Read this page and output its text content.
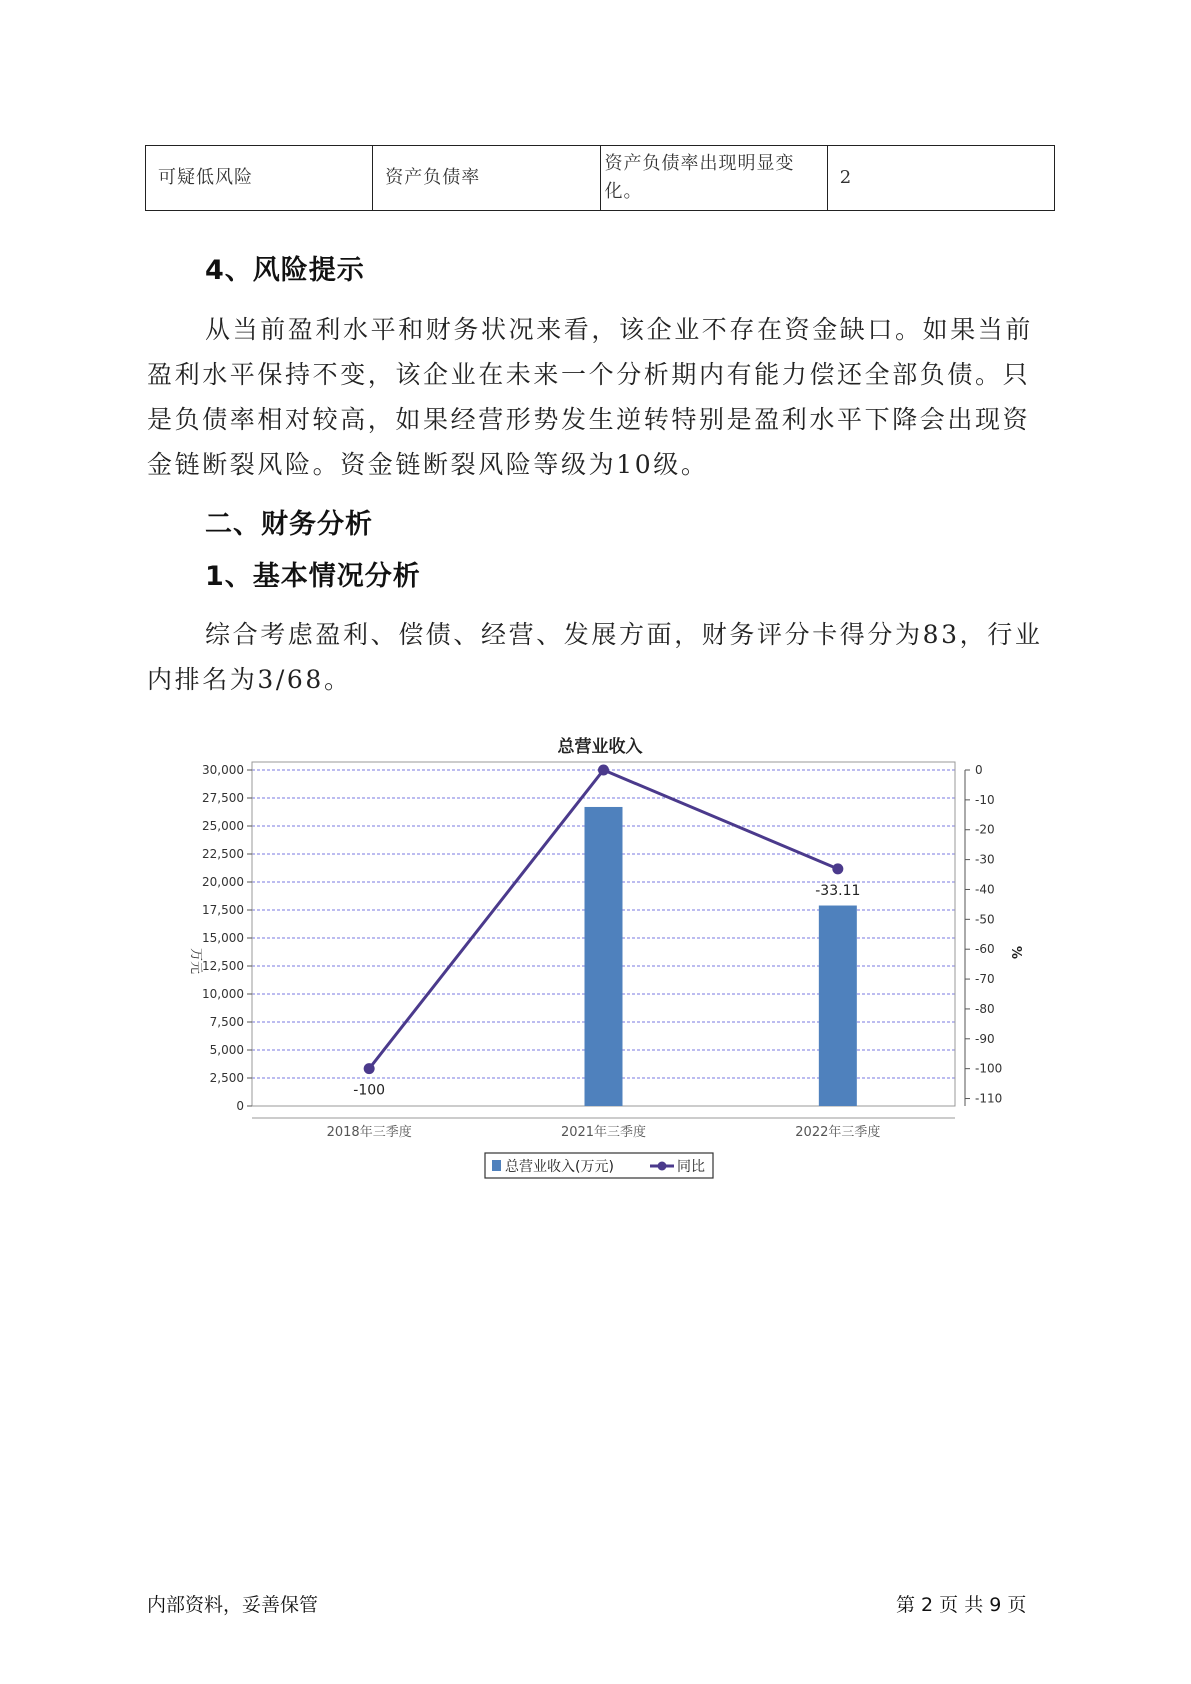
可疑低风险	资产负债率	资产负债率出现明显变化。	2
4、风险提示

从当前盈利水平和财务状况来看，该企业不存在资金缺口。如果当前盈利水平保持不变，该企业在未来一个分析期内有能力偿还全部负债。只是负债率相对较高，如果经营形势发生逆转特别是盈利水平下降会出现资金链断裂风险。资金链断裂风险等级为10级。

二、财务分析
1、基本情况分析

综合考虑盈利、偿债、经营、发展方面，财务评分卡得分为83，行业内排名为3/68。

总营业收入
-100
-33.11
0
2,500
5,000
7,500
10,000
12,500
15,000
17,500
20,000
22,500
25,000
27,500
30,000	0
-10
-20
-30
-40
-50
-60
-70
-80
-90
-100
-110
2018年三季度	2021年三季度	2022年三季度
万元	%
总营业收入(万元)	同比
内部资料，妥善保管	第 2 页 共 9 页
